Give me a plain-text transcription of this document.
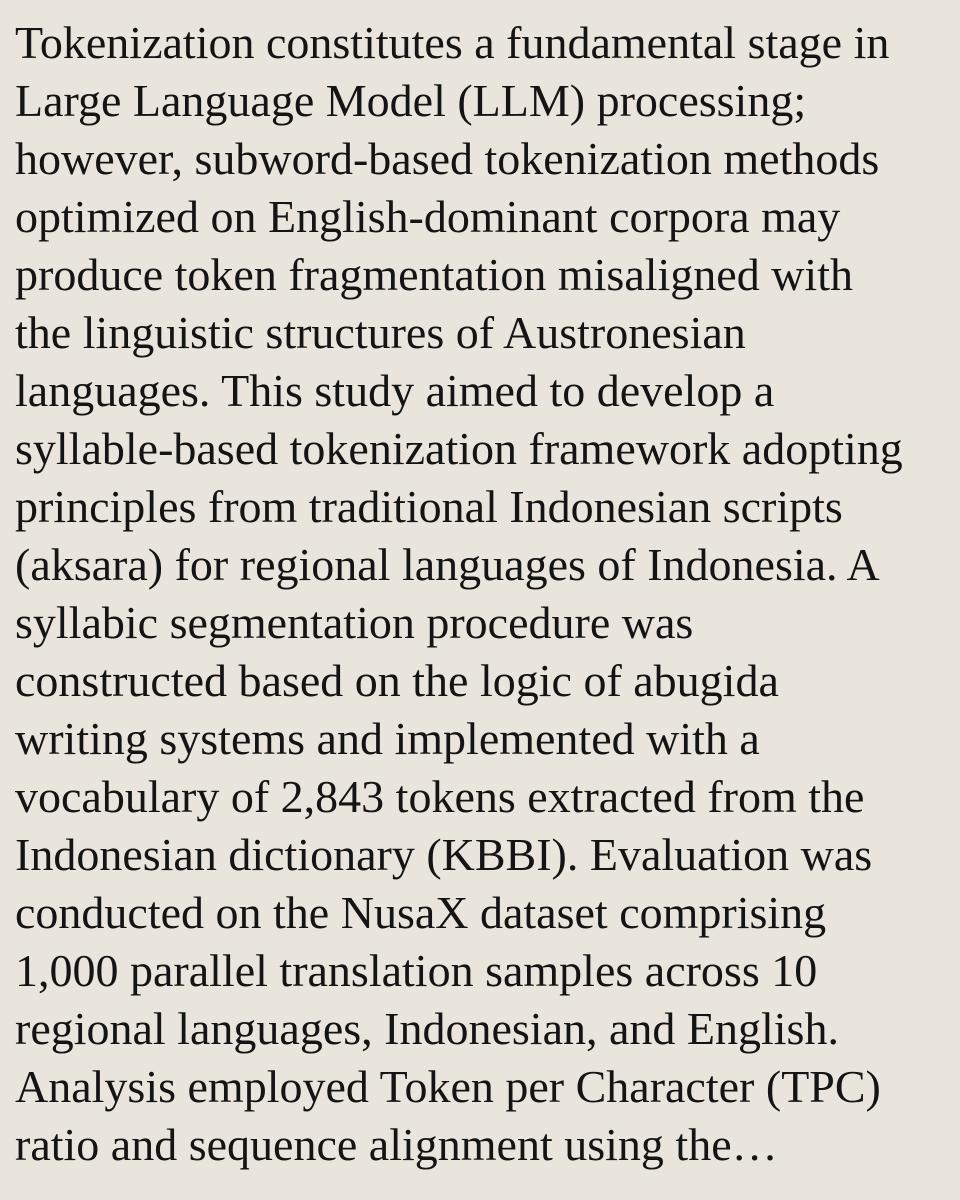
Tokenization constitutes a fundamental stage in
Large Language Model (LLM) processing;
however, subword-based tokenization methods
optimized on English-dominant corpora may
produce token fragmentation misaligned with
the linguistic structures of Austronesian
languages. This study aimed to develop a
syllable-based tokenization framework adopting
principles from traditional Indonesian scripts
(aksara) for regional languages of Indonesia. A
syllabic segmentation procedure was
constructed based on the logic of abugida
writing systems and implemented with a
vocabulary of 2,843 tokens extracted from the
Indonesian dictionary (KBBI). Evaluation was
conducted on the NusaX dataset comprising
1,000 parallel translation samples across 10
regional languages, Indonesian, and English.
Analysis employed Token per Character (TPC)
ratio and sequence alignment using the…
